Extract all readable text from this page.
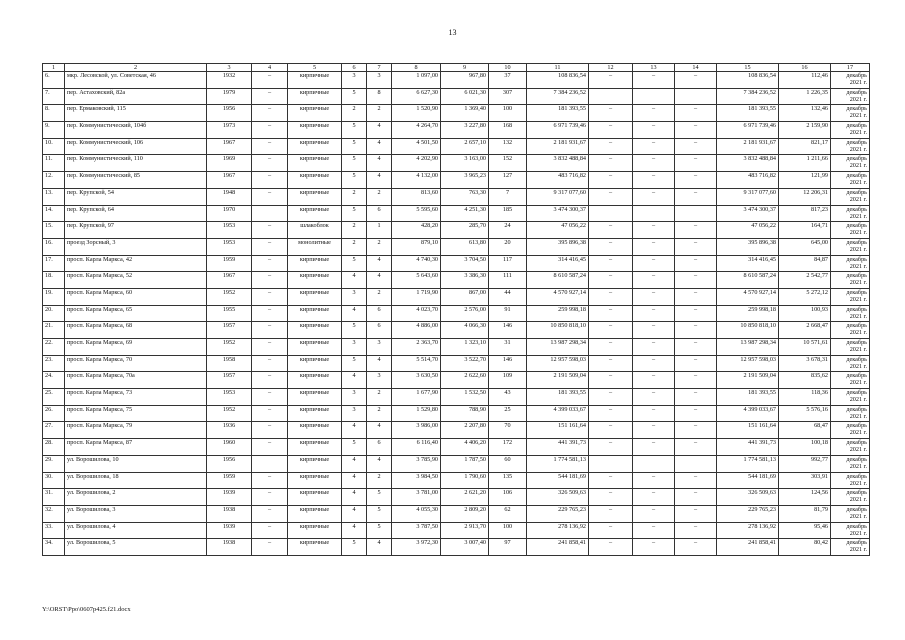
13
1	2	3	4	5	6	7	8	9	10	11	12	13	14	15	16	17
6.	мкр. Лесовской, ул. Советская, 46	1932	–	кирпичные	3	3	1 097,00	967,80	37	108 836,54	–	–	–	108 836,54	112,46	декабрь 2021 г.
7.	пер. Астаховский, 82а	1979	–	кирпичные	5	8	6 627,30	6 021,30	307	7 384 236,52				7 384 236,52	1 226,35	декабрь 2021 г.
8.	пер. Ермаковский, 115	1956	–	кирпичные	2	2	1 520,90	1 369,40	100	181 393,55	–	–	–	181 393,55	132,46	декабрь 2021 г.
9.	пер. Коммунистический, 104б	1973	–	кирпичные	5	4	4 264,70	3 227,80	168	6 971 739,46	–	–	–	6 971 739,46	2 159,90	декабрь 2021 г.
10.	пер. Коммунистический, 106	1967	–	кирпичные	5	4	4 501,50	2 657,10	132	2 181 931,67	–	–	–	2 181 931,67	821,17	декабрь 2021 г.
11.	пер. Коммунистический, 110	1969	–	кирпичные	5	4	4 202,90	3 163,00	152	3 832 488,84	–	–	–	3 832 488,84	1 211,66	декабрь 2021 г.
12.	пер. Коммунистический, 85	1967	–	кирпичные	5	4	4 132,00	3 965,23	127	483 716,82	–	–	–	483 716,82	121,99	декабрь 2021 г.
13.	пер. Крупской, 54	1948	–	кирпичные	2	2	813,60	763,30	7	9 317 077,60	–	–	–	9 317 077,60	12 206,31	декабрь 2021 г.
14.	пер. Крупской, 64	1970		кирпичные	5	6	5 595,60	4 251,30	185	3 474 300,37				3 474 300,37	817,23	декабрь 2021 г.
15.	пер. Крупской, 97	1953	–	шлакоблок	2	1	428,20	285,70	24	47 056,22	–	–	–	47 056,22	164,71	декабрь 2021 г.
16.	проезд Зорсный, 3	1953	–	монолитные	2	2	879,10	613,80	20	395 896,38	–	–	–	395 896,38	645,00	декабрь 2021 г.
17.	просп. Карла Маркса, 42	1959	–	кирпичные	5	4	4 740,30	3 704,50	117	314 416,45	–	–	–	314 416,45	84,87	декабрь 2021 г.
18.	просп. Карла Маркса, 52	1967	–	кирпичные	4	4	5 643,60	3 386,30	111	8 610 587,24	–	–	–	8 610 587,24	2 542,77	декабрь 2021 г.
19.	просп. Карла Маркса, 60	1952	–	кирпичные	3	2	1 719,90	867,00	44	4 570 927,14	–	–	–	4 570 927,14	5 272,12	декабрь 2021 г.
20.	просп. Карла Маркса, 65	1955	–	кирпичные	4	6	4 023,70	2 576,00	91	259 998,18	–	–	–	259 998,18	100,93	декабрь 2021 г.
21.	просп. Карла Маркса, 68	1957	–	кирпичные	5	6	4 886,00	4 066,30	146	10 850 818,10	–	–	–	10 850 818,10	2 668,47	декабрь 2021 г.
22.	просп. Карла Маркса, 69	1952	–	кирпичные	3	3	2 363,70	1 323,10	31	13 987 298,34	–	–	–	13 987 298,34	10 571,61	декабрь 2021 г.
23.	просп. Карла Маркса, 70	1958	–	кирпичные	5	4	5 514,70	3 522,70	146	12 957 598,03	–	–	–	12 957 598,03	3 678,31	декабрь 2021 г.
24.	просп. Карла Маркса, 70а	1957	–	кирпичные	4	3	3 630,50	2 622,60	109	2 191 509,04	–	–	–	2 191 509,04	835,62	декабрь 2021 г.
25.	просп. Карла Маркса, 73	1953	–	кирпичные	3	2	1 677,90	1 532,50	43	181 393,55	–	–	–	181 393,55	118,36	декабрь 2021 г.
26.	просп. Карла Маркса, 75	1952	–	кирпичные	3	2	1 529,80	788,90	25	4 399 033,67	–	–	–	4 399 033,67	5 576,16	декабрь 2021 г.
27.	просп. Карла Маркса, 79	1936	–	кирпичные	4	4	3 986,00	2 207,80	70	151 161,64	–	–	–	151 161,64	68,47	декабрь 2021 г.
28.	просп. Карла Маркса, 87	1960	–	кирпичные	5	6	6 116,40	4 406,20	172	441 391,73	–	–	–	441 391,73	100,18	декабрь 2021 г.
29.	ул. Ворошилова, 10	1956		кирпичные	4	4	3 785,90	1 787,50	60	1 774 581,13				1 774 581,13	992,77	декабрь 2021 г.
30.	ул. Ворошилова, 18	1959	–	кирпичные	4	2	3 984,50	1 790,60	135	544 181,69	–	–	–	544 181,69	303,91	декабрь 2021 г.
31.	ул. Ворошилова, 2	1939	–	кирпичные	4	5	3 781,00	2 621,20	106	326 509,63	–	–	–	326 509,63	124,56	декабрь 2021 г.
32.	ул. Ворошилова, 3	1938	–	кирпичные	4	5	4 055,30	2 809,20	62	229 765,23	–	–	–	229 765,23	81,79	декабрь 2021 г.
33.	ул. Ворошилова, 4	1939	–	кирпичные	4	5	3 787,50	2 913,70	100	278 136,92	–	–	–	278 136,92	95,46	декабрь 2021 г.
34.	ул. Ворошилова, 5	1938	–	кирпичные	5	4	3 972,30	3 007,40	97	241 858,41	–	–	–	241 858,41	80,42	декабрь 2021 г.
Y:\ORST\Ppo\0607p425.f21.docx
